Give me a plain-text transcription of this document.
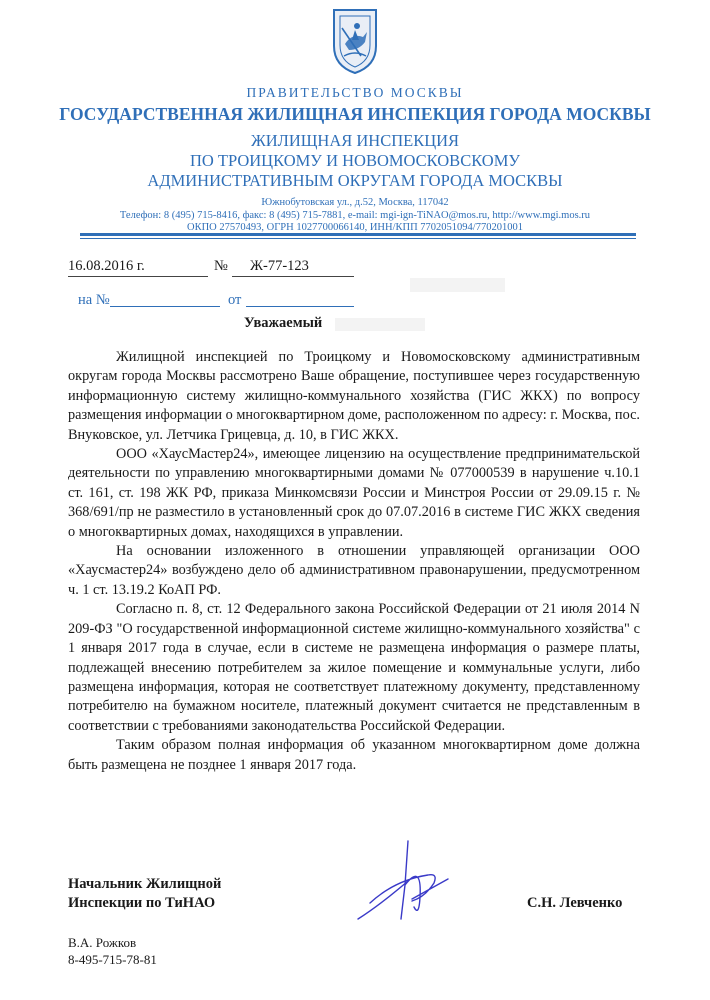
ПРАВИТЕЛЬСТВО МОСКВЫ
ГОСУДАРСТВЕННАЯ ЖИЛИЩНАЯ ИНСПЕКЦИЯ ГОРОДА МОСКВЫ
ЖИЛИЩНАЯ ИНСПЕКЦИЯ
ПО ТРОИЦКОМУ И НОВОМОСКОВСКОМУ
АДМИНИСТРАТИВНЫМ ОКРУГАМ ГОРОДА МОСКВЫ
Южнобутовская ул., д.52, Москва, 117042
Телефон: 8 (495) 715-8416, факс: 8 (495) 715-7881, e-mail: mgi-ign-TiNAO@mos.ru, http://www.mgi.mos.ru
ОКПО 27570493, ОГРН 1027700066140, ИНН/КПП 7702051094/770201001
16.08.2016 г.	№ Ж-77-123
на №	от
Уважаемый

Жилищной инспекцией по Троицкому и Новомосковскому административным округам города Москвы рассмотрено Ваше обращение, поступившее через государственную информационную систему жилищно-коммунального хозяйства (ГИС ЖКХ) по вопросу размещения информации о многоквартирном доме, расположенном по адресу: г. Москва, пос. Внуковское, ул. Летчика Грицевца, д. 10, в ГИС ЖКХ.

ООО «ХаусМастер24», имеющее лицензию на осуществление предпринимательской деятельности по управлению многоквартирными домами № 077000539 в нарушение ч.10.1 ст. 161, ст. 198 ЖК РФ, приказа Минкомсвязи России и Минстроя России от 29.09.15 г. № 368/691/пр не разместило в установленный срок до 07.07.2016 в системе ГИС ЖКХ сведения о многоквартирных домах, находящихся в управлении.

На основании изложенного в отношении управляющей организации ООО «Хаусмастер24» возбуждено дело об административном правонарушении, предусмотренном ч. 1 ст. 13.19.2 КоАП РФ.

Согласно п. 8, ст. 12 Федерального закона Российской Федерации от 21 июля 2014 N 209-ФЗ "О государственной информационной системе жилищно-коммунального хозяйства" с 1 января 2017 года в случае, если в системе не размещена информация о размере платы, подлежащей внесению потребителем за жилое помещение и коммунальные услуги, либо размещена информация, которая не соответствует платежному документу, представленному потребителю на бумажном носителе, платежный документ считается не представленным в соответствии с требованиями законодательства Российской Федерации.

Таким образом полная информация об указанном многоквартирном доме должна быть размещена не позднее 1 января 2017 года.

Начальник Жилищной
Инспекции по ТиНАО	С.Н. Левченко
В.А. Рожков
8-495-715-78-81
